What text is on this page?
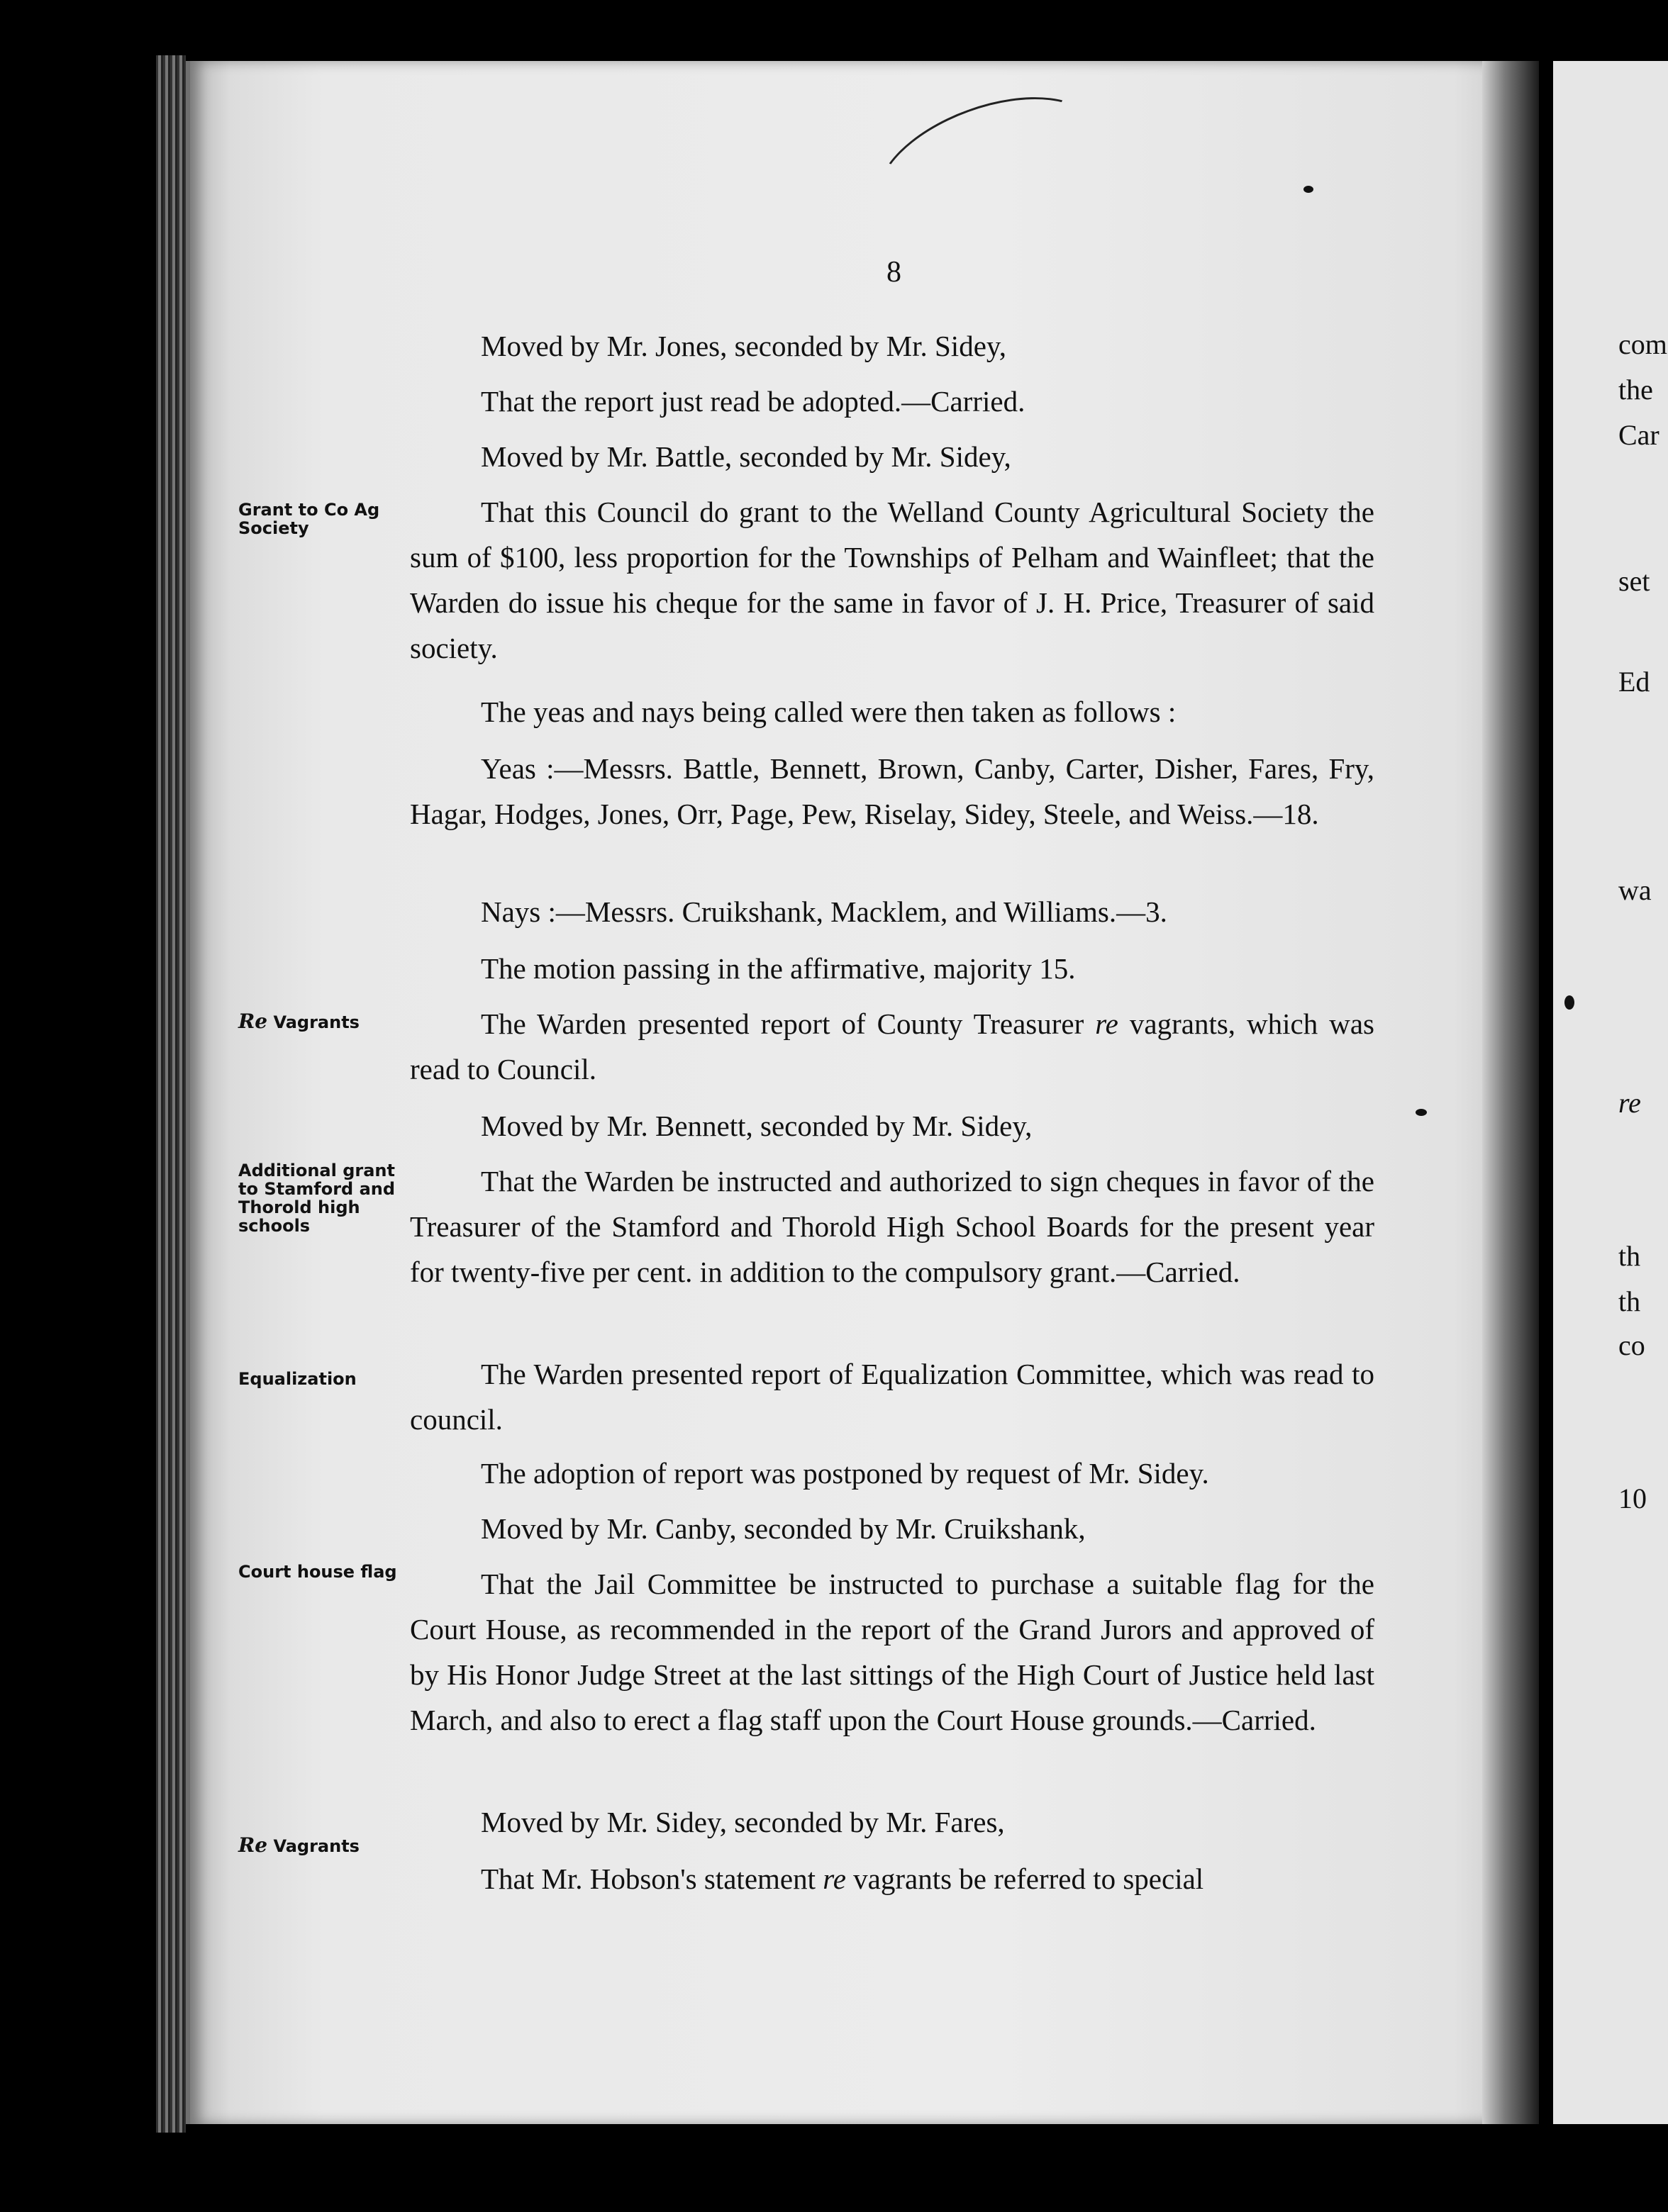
8
Moved by Mr. Jones, seconded by Mr. Sidey,
That the report just read be adopted.—Carried.
Moved by Mr. Battle, seconded by Mr. Sidey,

That this Council do grant to the Welland County Agricultural Society the sum of $100, less proportion for the Townships of Pelham and Wainfleet; that the Warden do issue his cheque for the same in favor of J. H. Price, Treasurer of said society.

The yeas and nays being called were then taken as follows :

Yeas :—Messrs. Battle, Bennett, Brown, Canby, Carter, Disher, Fares, Fry, Hagar, Hodges, Jones, Orr, Page, Pew, Riselay, Sidey, Steele, and Weiss.—18.

Nays :—Messrs. Cruikshank, Macklem, and Williams.—3.
The motion passing in the affirmative, majority 15.

The Warden presented report of County Treasurer re vagrants, which was read to Council.

Moved by Mr. Bennett, seconded by Mr. Sidey,

That the Warden be instructed and authorized to sign cheques in favor of the Treasurer of the Stamford and Thorold High School Boards for the present year for twenty-five per cent. in addition to the compulsory grant.—Carried.

The Warden presented report of Equalization Committee, which was read to council.

The adoption of report was postponed by request of Mr. Sidey.
Moved by Mr. Canby, seconded by Mr. Cruikshank,

That the Jail Committee be instructed to purchase a suitable flag for the Court House, as recommended in the report of the Grand Jurors and approved of by His Honor Judge Street at the last sittings of the High Court of Justice held last March, and also to erect a flag staff upon the Court House grounds.—Carried.

Moved by Mr. Sidey, seconded by Mr. Fares,

That Mr. Hobson's statement re vagrants be referred to special

Grant to Co Ag Society
Re Vagrants
Additional grant to Stamford and Thorold high schools
Equalization
Court house flag
Re Vagrants
com
the
Car
set
Ed
wa
re
th
th
co
10
